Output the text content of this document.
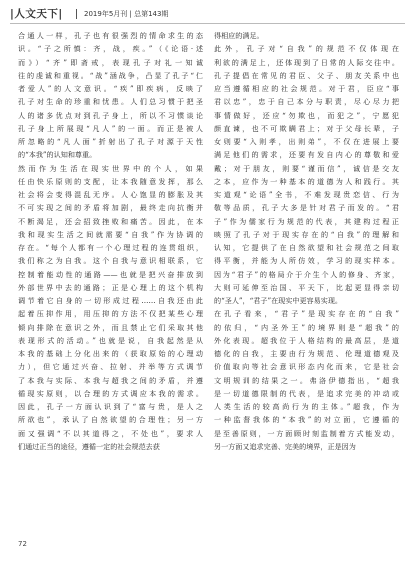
|人文天下|	2019年5月刊 | 总第143期
合通人一样，孔子也有很强烈的情命求生的态
识。“子之所慎：齐，战，疾。”（《论语·述
而》）“齐”即斋戒，表现孔子对礼一知诚
往的虔诚和重视。“战”涵战争，凸显了孔子“仁
者爱人”的人文意识。“疾”即疾病，反映了
孔子对生命的珍重和忧患。人们总习惯于把圣
人的诸多优点对到孔子身上，所以不习惯谈论
孔子身上所展现“凡人”的一面。而正是被人
所忽略的“凡人面”折射出了孔子对源于天性
的“本我”的认知和尊重。
然而作为生活在现实世界中的个人，如果
任由快乐原则的支配，让本我随意发挥，那么
社会将会变得混乱无序。人心饱显的膨胀及其
不可实现之间的矛盾将加剧，最终走向抗衡并
不断渴足，还会招致挫败和痛苦。因此，在本
我和现实生活之间就需要“自我”作为协调的
存在。“每个人都有一个心理过程的连贯组织，
我们称之为自我。这个自我与意识相联系，它
控制着能动性的通路——也就是把兴奋排放到
外部世界中去的通路；正是心理上的这个机构
调节着它自身的一切形成过程……自我还由此
起着压抑作用，用压抑的方法不仅把某些心理
倾向排除在意识之外，而且禁止它们采取其他
表现形式的活动。”也就是说，自我起然是从
本我的基础上分化出来的（获取原始的心理动
力），但它通过兴奋、拉射、并举等方式调节
了本我与实际、本我与超我之间的矛盾，并遵
循现实原则，以合理的方式调应本我的需求。
因此，孔子一方面认识到了“富与贵，是人之
所欲也”，承认了自然欲望的合理性；另一方
面又强调“不以其道得之，不处也”，要求人
们通过正当的途径，遵循一定的社会规范去获
得相应的满足。
此外，孔子对“自我”的规范不仅体现在
利欲的满足上，还体现到了日常的人际交往中。
孔子提倡在常见的君臣、父子、朋友关系中也
应当遵循相应的社会规范。对于君，臣应“事
君以忠”，忠于自己本分与职责，尽心尽力把
事情做好，还应“勿欺也，而犯之”，宁愿犯
颜直谏，也不可欺瞒君上；对于父母长辈，子
女则要“入则孝，出则弟”，不仅在进展上要
满足他们的需求，还要有发自内心的尊敬和爱
戴；对于朋友，则要“谨而信”，诚信是交友
之本，应作为一种基本的道德为人和践行。其
实道观“论语”全书，不难发现贵恋信、行为
敬等品质，孔子大多是针对君子而发的。“君
子”作为儒家行为规范的代表，其建构过程正
映照了孔子对于现实存在的“自我”的理解和
认知，它提供了在自然欲望和社会规范之间取
得平衡，并能为人所仿效，学习的现实样本。
因为“君子”的格局介于介生个人的修身、齐家，
大则可延伸至治国、平天下，比起更显得亲切
的“圣人”，“君子”在现实中更容易实现。
在孔子看来，“君子”是现实存在的“自我”
的依归，“内圣外王”的境界则是“超我”的
外化表现。超我位于人格结构的最高层，是道
德化的自我，主要由行为规范、伦理道德观及
价值取向等社会意识形态内化而来，它是社会
文明规训的结果之一。弗洛伊德指出，“超我
是一切道德限制的代表，是追求完美的冲动或
人类生活的较高尚行为的主体。”超我，作为
一种监督我体的“本我”的对立面，它遵循的
是至善原则，一方面顾时刻监制着方式能发动，
另一方面又追求完善、完美的境界，正是因为
72
